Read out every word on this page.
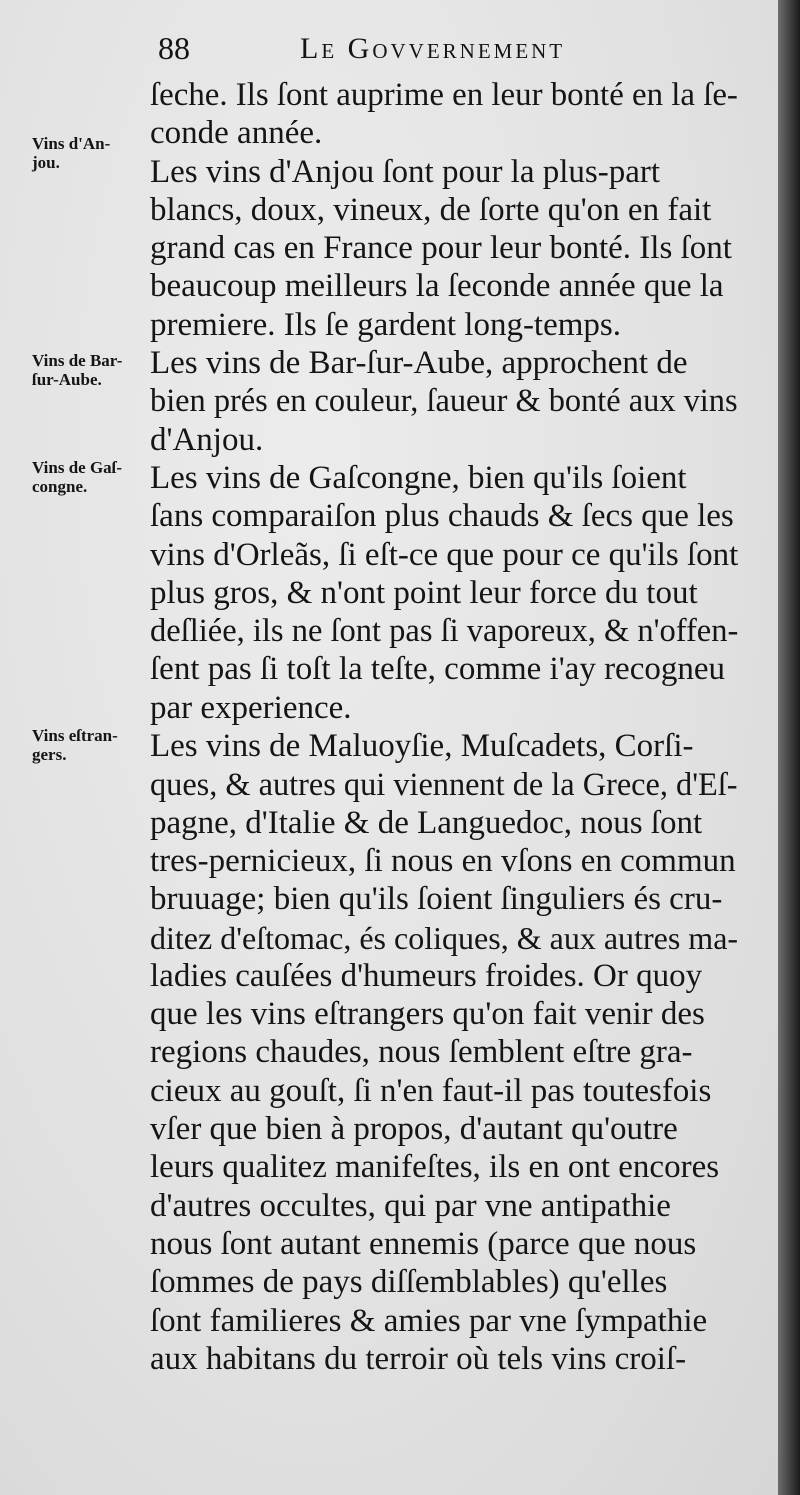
88	Le Govvernement
Vins d'An-
jou.
Vins de Bar-
ſur-Aube.
Vins de Gaſ-
congne.
Vins eſtran-
gers.
ſeche. Ils ſont auprime en leur bonté en la ſe-
conde année.
Les vins d'Anjou ſont pour la plus-part
blancs, doux, vineux, de ſorte qu'on en fait
grand cas en France pour leur bonté. Ils ſont
beaucoup meilleurs la ſeconde année que la
premiere. Ils ſe gardent long-temps.
Les vins de Bar-ſur-Aube, approchent de
bien prés en couleur, ſaueur & bonté aux vins
d'Anjou.
Les vins de Gaſcongne, bien qu'ils ſoient
ſans comparaiſon plus chauds & ſecs que les
vins d'Orleãs, ſi eſt-ce que pour ce qu'ils ſont
plus gros, & n'ont point leur force du tout
deſliée, ils ne ſont pas ſi vaporeux, & n'offen-
ſent pas ſi toſt la teſte, comme i'ay recogneu
par experience.
Les vins de Maluoyſie, Muſcadets, Corſi-
ques, & autres qui viennent de la Grece, d'Eſ-
pagne, d'Italie & de Languedoc, nous ſont
tres-pernicieux, ſi nous en vſons en commun
bruuage; bien qu'ils ſoient ſinguliers és cru-
ditez d'eſtomac, és coliques, & aux autres ma-
ladies cauſées d'humeurs froides. Or quoy
que les vins eſtrangers qu'on fait venir des
regions chaudes, nous ſemblent eſtre gra-
cieux au gouſt, ſi n'en faut-il pas toutesfois
vſer que bien à propos, d'autant qu'outre
leurs qualitez manifeſtes, ils en ont encores
d'autres occultes, qui par vne antipathie
nous ſont autant ennemis (parce que nous
ſommes de pays diſſemblables) qu'elles
ſont familieres & amies par vne ſympathie
aux habitans du terroir où tels vins croiſ-
